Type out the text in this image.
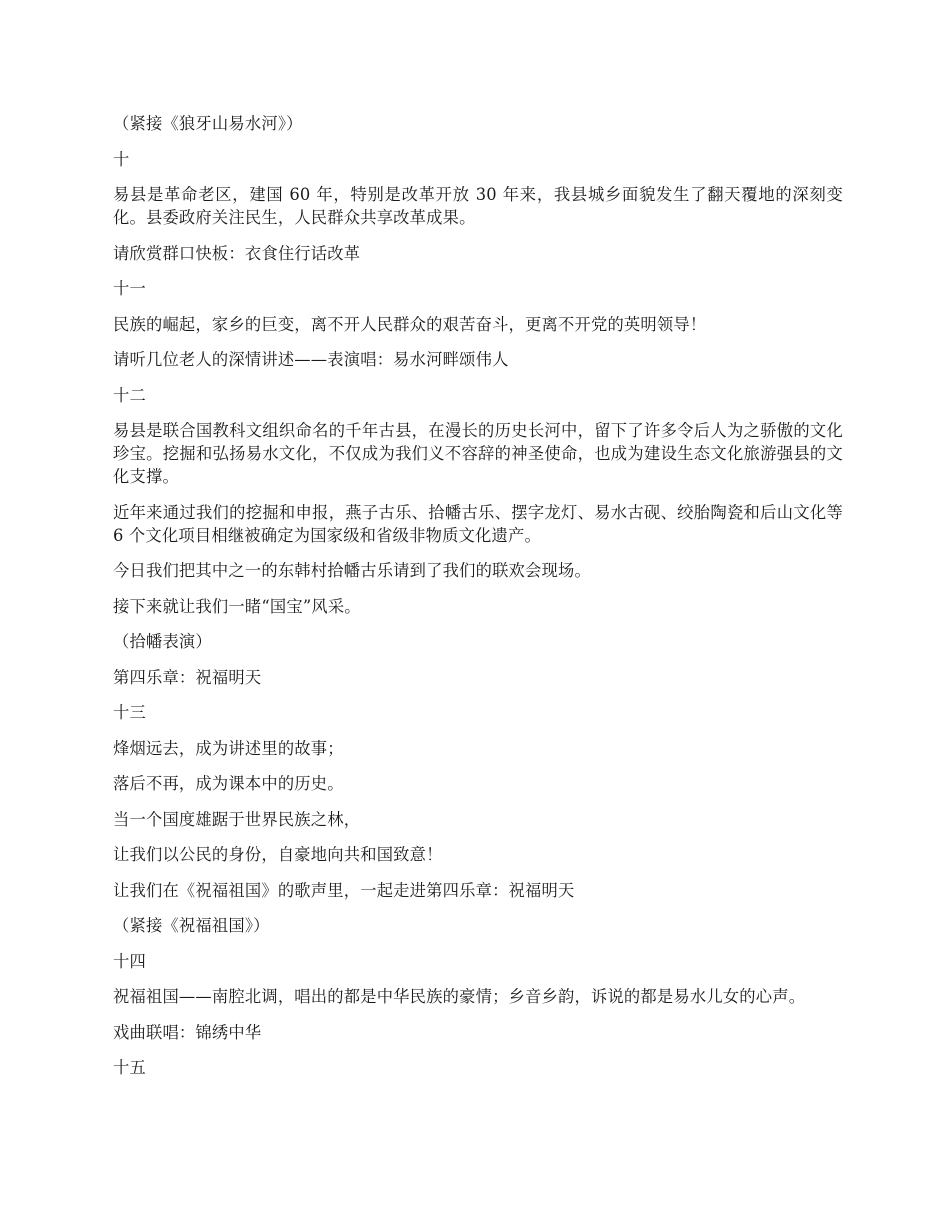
（紧接《狼牙山易水河》）

十

易县是革命老区，建国 60 年，特别是改革开放 30 年来，我县城乡面貌发生了翻天覆地的深刻变化。县委政府关注民生，人民群众共享改革成果。

请欣赏群口快板：衣食住行话改革

十一

民族的崛起，家乡的巨变，离不开人民群众的艰苦奋斗，更离不开党的英明领导！

请听几位老人的深情讲述——表演唱：易水河畔颂伟人

十二

易县是联合国教科文组织命名的千年古县，在漫长的历史长河中，留下了许多令后人为之骄傲的文化珍宝。挖掘和弘扬易水文化，不仅成为我们义不容辞的神圣使命，也成为建设生态文化旅游强县的文化支撑。

近年来通过我们的挖掘和申报，燕子古乐、拾幡古乐、摆字龙灯、易水古砚、绞胎陶瓷和后山文化等 6 个文化项目相继被确定为国家级和省级非物质文化遗产。

今日我们把其中之一的东韩村拾幡古乐请到了我们的联欢会现场。

接下来就让我们一睹“国宝”风采。

（拾幡表演）

第四乐章：祝福明天

十三

烽烟远去，成为讲述里的故事；

落后不再，成为课本中的历史。

当一个国度雄踞于世界民族之林，

让我们以公民的身份，自豪地向共和国致意！

让我们在《祝福祖国》的歌声里，一起走进第四乐章：祝福明天

（紧接《祝福祖国》）

十四

祝福祖国——南腔北调，唱出的都是中华民族的豪情；乡音乡韵，诉说的都是易水儿女的心声。

戏曲联唱：锦绣中华

十五
